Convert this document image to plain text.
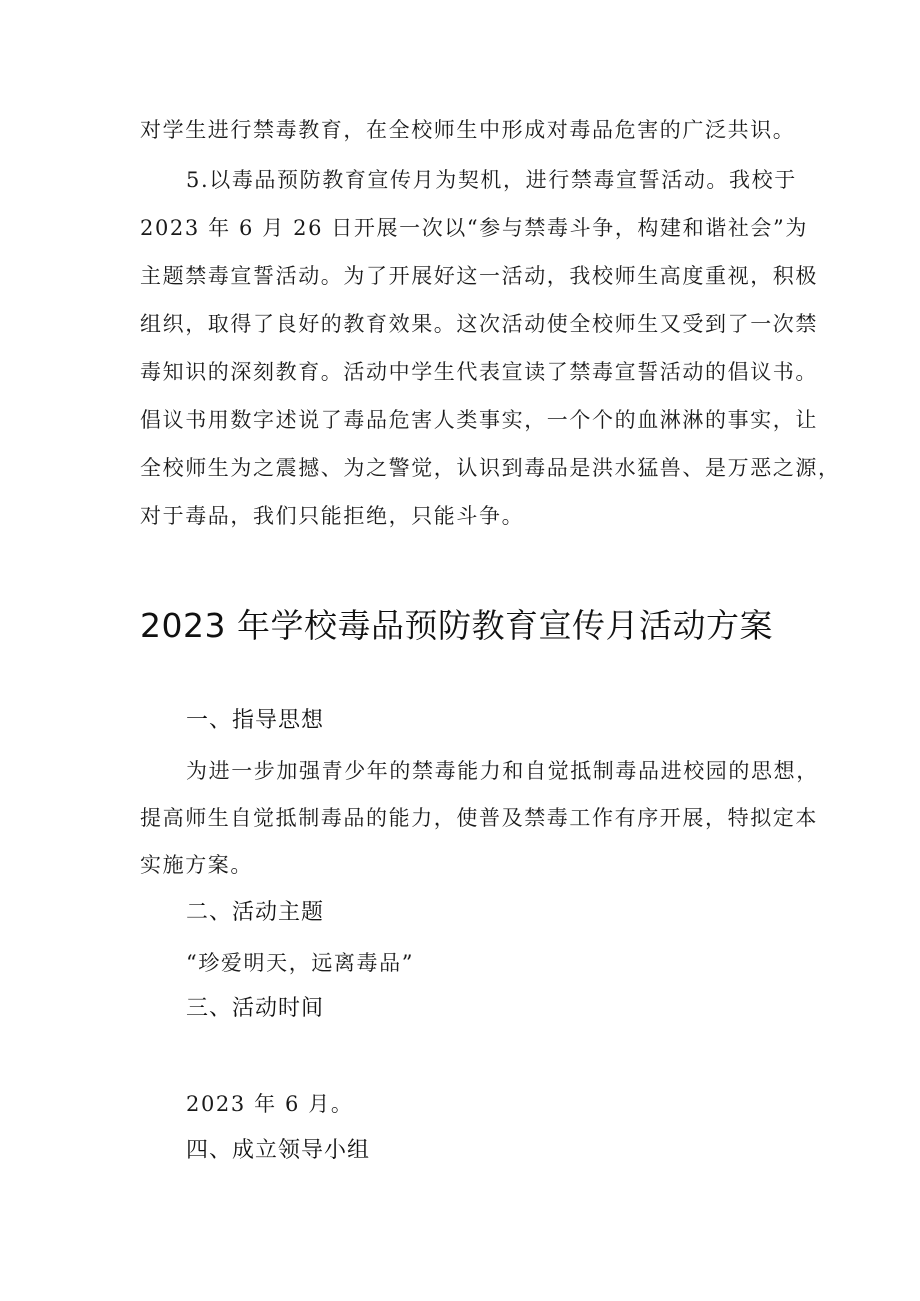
对学生进行禁毒教育，在全校师生中形成对毒品危害的广泛共识。
5.以毒品预防教育宣传月为契机，进行禁毒宣誓活动。我校于
2023 年 6 月 26 日开展一次以“参与禁毒斗争，构建和谐社会”为
主题禁毒宣誓活动。为了开展好这一活动，我校师生高度重视，积极
组织，取得了良好的教育效果。这次活动使全校师生又受到了一次禁
毒知识的深刻教育。活动中学生代表宣读了禁毒宣誓活动的倡议书。
倡议书用数字述说了毒品危害人类事实，一个个的血淋淋的事实，让
全校师生为之震撼、为之警觉，认识到毒品是洪水猛兽、是万恶之源，
对于毒品，我们只能拒绝，只能斗争。
2023 年学校毒品预防教育宣传月活动方案
一、指导思想
为进一步加强青少年的禁毒能力和自觉抵制毒品进校园的思想，
提高师生自觉抵制毒品的能力，使普及禁毒工作有序开展，特拟定本
实施方案。
二、活动主题
“珍爱明天，远离毒品”
三、活动时间
2023 年 6 月。
四、成立领导小组
